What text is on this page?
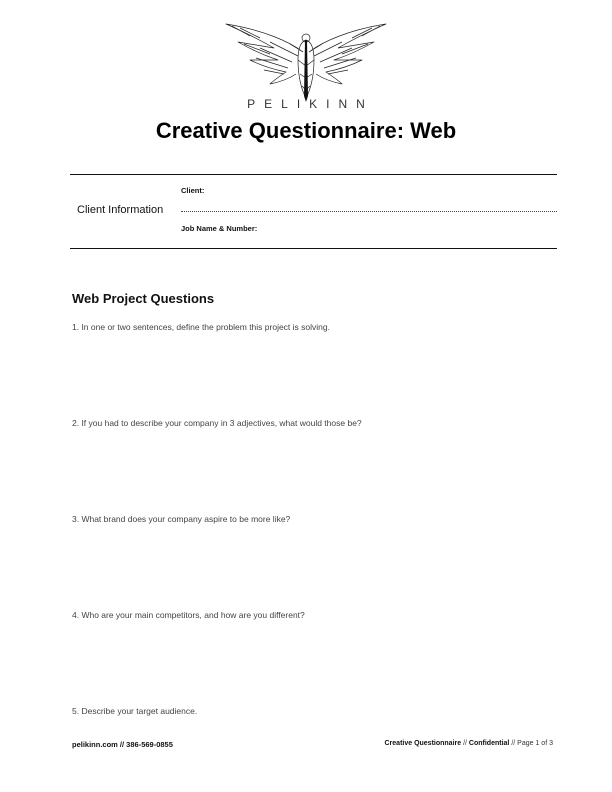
PELIKINN
Creative Questionnaire: Web
Client:
Client Information
Job Name & Number:
Web Project Questions
1. In one or two sentences, define the problem this project is solving.
2. If you had to describe your company in 3 adjectives, what would those be?
3. What brand does your company aspire to be more like?
4. Who are your main competitors, and how are you different?
5. Describe your target audience.
pelikinn.com // 386-569-0855	Creative Questionnaire // Confidential // Page 1 of 3
